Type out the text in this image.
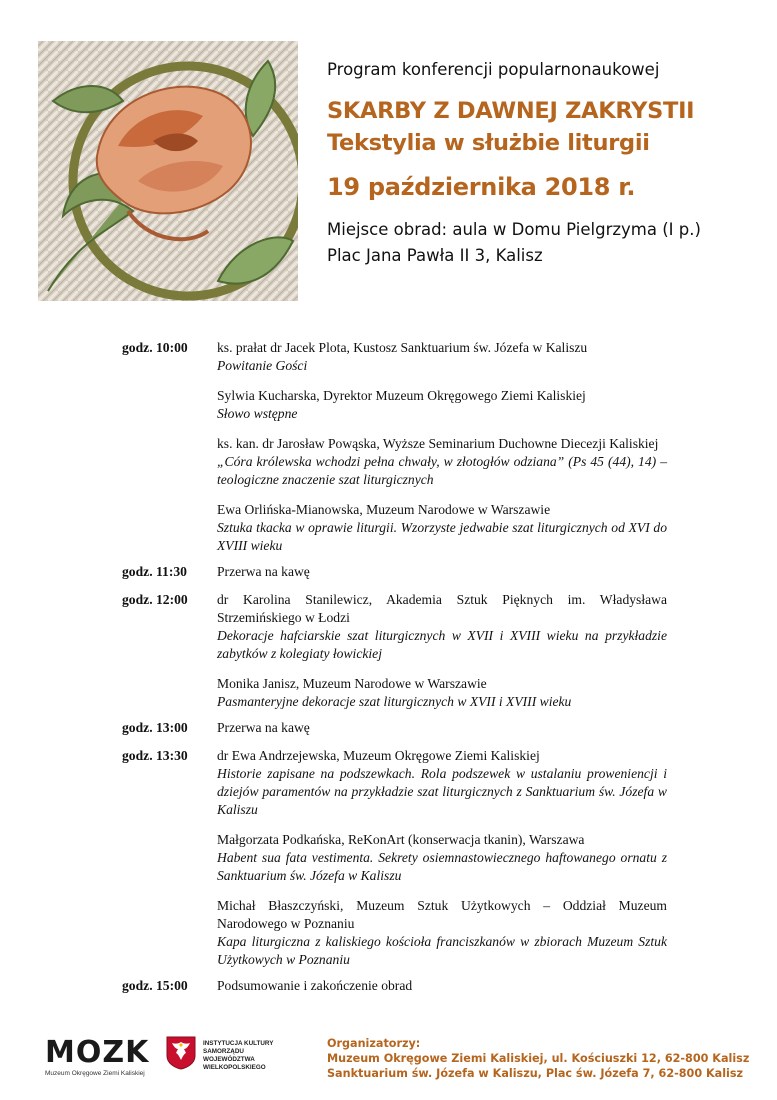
Program konferencji popularnonaukowej
SKARBY Z DAWNEJ ZAKRYSTII
Tekstylia w służbie liturgii
19 października 2018 r.
Miejsce obrad: aula w Domu Pielgrzyma (I p.)
Plac Jana Pawła II 3, Kalisz
godz. 10:00	ks. prałat dr Jacek Plota, Kustosz Sanktuarium św. Józefa w Kaliszu
Powitanie Gości
Sylwia Kucharska, Dyrektor Muzeum Okręgowego Ziemi Kaliskiej
Słowo wstępne
ks. kan. dr Jarosław Powąska, Wyższe Seminarium Duchowne Diecezji Kaliskiej
„Córa królewska wchodzi pełna chwały, w złotogłów odziana” (Ps 45 (44), 14) – teologiczne znaczenie szat liturgicznych
Ewa Orlińska-Mianowska, Muzeum Narodowe w Warszawie
Sztuka tkacka w oprawie liturgii. Wzorzyste jedwabie szat liturgicznych od XVI do XVIII wieku
godz. 11:30	Przerwa na kawę
godz. 12:00	dr Karolina Stanilewicz, Akademia Sztuk Pięknych im. Władysława Strzemińskiego w Łodzi
Dekoracje hafciarskie szat liturgicznych w XVII i XVIII wieku na przykładzie zabytków z kolegiaty łowickiej
Monika Janisz, Muzeum Narodowe w Warszawie
Pasmanteryjne dekoracje szat liturgicznych w XVII i XVIII wieku
godz. 13:00	Przerwa na kawę
godz. 13:30	dr Ewa Andrzejewska, Muzeum Okręgowe Ziemi Kaliskiej
Historie zapisane na podszewkach. Rola podszewek w ustalaniu proweniencji i dziejów paramentów na przykładzie szat liturgicznych z Sanktuarium św. Józefa w Kaliszu
Małgorzata Podkańska, ReKonArt (konserwacja tkanin), Warszawa
Habent sua fata vestimenta. Sekrety osiemnastowiecznego haftowanego ornatu z Sanktuarium św. Józefa w Kaliszu
Michał Błaszczyński, Muzeum Sztuk Użytkowych – Oddział Muzeum Narodowego w Poznaniu
Kapa liturgiczna z kaliskiego kościoła franciszkanów w zbiorach Muzeum Sztuk Użytkowych w Poznaniu
godz. 15:00	Podsumowanie i zakończenie obrad
MOZK
Muzeum Okręgowe Ziemi Kaliskiej
INSTYTUCJA KULTURY SAMORZĄDU WOJEWÓDZTWA WIELKOPOLSKIEGO
Organizatorzy:
Muzeum Okręgowe Ziemi Kaliskiej, ul. Kościuszki 12, 62-800 Kalisz
Sanktuarium św. Józefa w Kaliszu, Plac św. Józefa 7, 62-800 Kalisz
